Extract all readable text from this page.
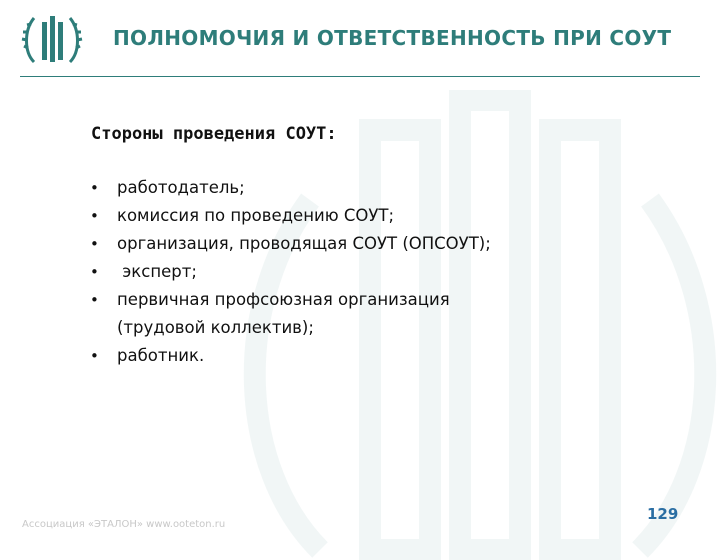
ПОЛНОМОЧИЯ И ОТВЕТСТВЕННОСТЬ ПРИ СОУТ
Стороны проведения СОУТ:
• работодатель;
• комиссия по проведению СОУТ;
• организация, проводящая СОУТ (ОПСОУТ);
• эксперт;
• первичная профсоюзная организация (трудовой коллектив);
• работник.
Ассоциация «ЭТАЛОН» www.ooteton.ru
129
